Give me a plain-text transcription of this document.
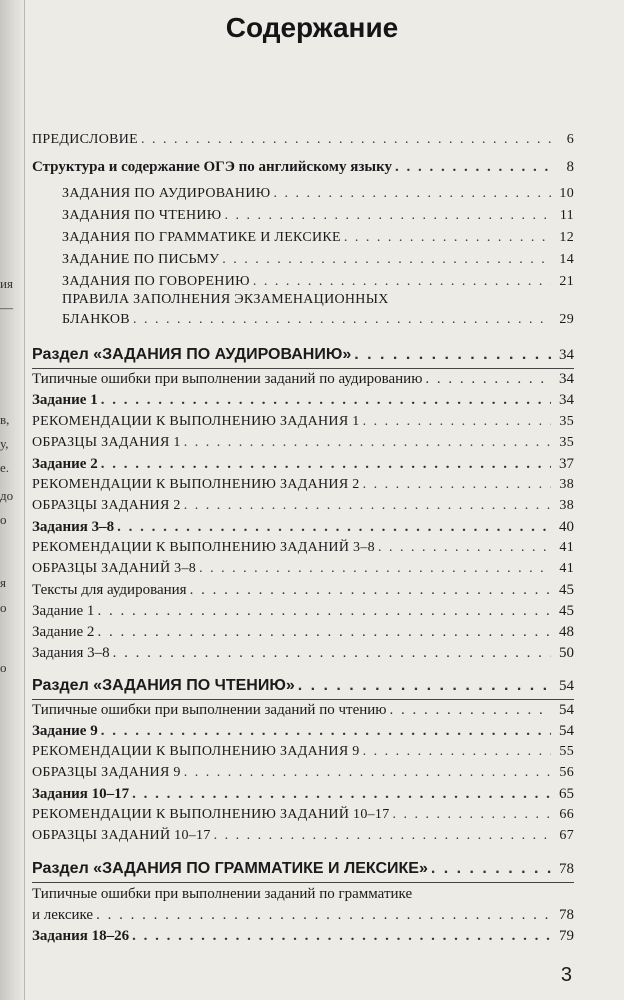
ия
—
в,
у,
е.
до
о
я
о
о
Содержание
ПРЕДИСЛОВИЕ . . .	6
Структура и содержание ОГЭ по английскому языку . . .	8
ЗАДАНИЯ ПО АУДИРОВАНИЮ . . .	10
ЗАДАНИЯ ПО ЧТЕНИЮ . . .	11
ЗАДАНИЯ ПО ГРАММАТИКЕ И ЛЕКСИКЕ . . .	12
ЗАДАНИЕ ПО ПИСЬМУ . . .	14
ЗАДАНИЯ ПО ГОВОРЕНИЮ . . .	21
ПРАВИЛА ЗАПОЛНЕНИЯ ЭКЗАМЕНАЦИОННЫХ
БЛАНКОВ . . .	29
Раздел «ЗАДАНИЯ ПО АУДИРОВАНИЮ» . . .	34
Типичные ошибки при выполнении заданий по аудированию . . .	34
Задание 1 . . .	34
РЕКОМЕНДАЦИИ К ВЫПОЛНЕНИЮ ЗАДАНИЯ 1 . . .	35
ОБРАЗЦЫ ЗАДАНИЯ 1 . . .	35
Задание 2 . . .	37
РЕКОМЕНДАЦИИ К ВЫПОЛНЕНИЮ ЗАДАНИЯ 2 . . .	38
ОБРАЗЦЫ ЗАДАНИЯ 2 . . .	38
Задания 3–8 . . .	40
РЕКОМЕНДАЦИИ К ВЫПОЛНЕНИЮ ЗАДАНИЙ 3–8 . . .	41
ОБРАЗЦЫ ЗАДАНИЙ 3–8 . . .	41
Тексты для аудирования . . .	45
Задание 1 . . .	45
Задание 2 . . .	48
Задания 3–8 . . .	50
Раздел «ЗАДАНИЯ ПО ЧТЕНИЮ» . . .	54
Типичные ошибки при выполнении заданий по чтению . . .	54
Задание 9 . . .	54
РЕКОМЕНДАЦИИ К ВЫПОЛНЕНИЮ ЗАДАНИЯ 9 . . .	55
ОБРАЗЦЫ ЗАДАНИЯ 9 . . .	56
Задания 10–17 . . .	65
РЕКОМЕНДАЦИИ К ВЫПОЛНЕНИЮ ЗАДАНИЙ 10–17 . . .	66
ОБРАЗЦЫ ЗАДАНИЙ 10–17 . . .	67
Раздел «ЗАДАНИЯ ПО ГРАММАТИКЕ И ЛЕКСИКЕ» . . .	78
Типичные ошибки при выполнении заданий по грамматике
и лексике . . .	78
Задания 18–26 . . .	79
3
